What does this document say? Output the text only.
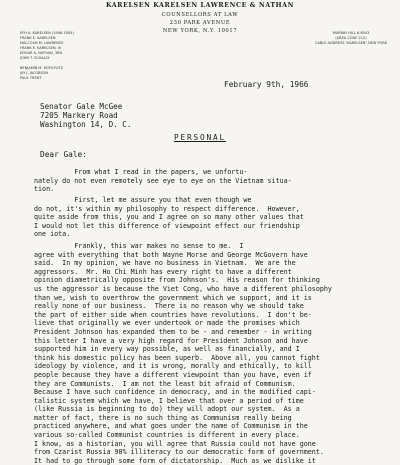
KARELSEN KARELSEN LAWRENCE & NATHAN
COUNSELLORS AT LAW
230 PARK AVENUE
NEW YORK, N.Y. 10017
EFH A. KARELSEN (1906-1955)
FRANK E. KARELSEN
MALCOLM M. LAWRENCE
FRANK E. KARELSEN, III
EDGAR A. NATHAN, 3RD
JOHN T. SCHALLY

BENJAMIN M. KOPLOVITZ
JAY J. JACOBSON
PAUL TRENT
MURRAY HILL 6-6543
(AREA CODE 212)
CABLE ADDRESS "KARELSEN" NEW YORK
February 9th, 1966
Senator Gale McGee
7205 Markery Road
Washington 14, D. C.
PERSONAL
Dear Gale:
From what I read in the papers, we unfortu-
nately do not even remotely see eye to eye on the Vietnam situa-
tion.
First, let me assure you that even though we
do not, it's within my philosophy to respect difference.  However,
quite aside from this, you and I agree on so many other values that
I would not let this difference of viewpoint effect our friendship
one iota.
Frankly, this war makes no sense to me.  I
agree with everything that both Wayne Morse and George McGovern have
said.  In my opinion, we have no business in Vietnam.  We are the
aggressors.  Mr. Ho Chi Minh has every right to have a different
opinion diametrically opposite from Johnson's.  His reason for thinking
us the aggressor is because the Viet Cong, who have a different philosophy
than we, wish to overthrow the government which we support, and it is
really none of our business.  There is no reason why we should take
the part of either side when countries have revolutions.  I don't be-
lieve that originally we ever undertook or made the promises which
President Johnson has expanded them to be - and remember - in writing
this letter I have a very high regard for President Johnson and have
supported him in every way possible, as well as financially, and I
think his domestic policy has been superb.  Above all, you cannot fight
ideology by violence, and it is wrong, morally and ethically, to kill
people because they have a different viewpoint than you have, even if
they are Communists.  I am not the least bit afraid of Communism.
Because I have such confidence in democracy, and in the modified capi-
talistic system which we have, I believe that over a period of time
(like Russia is beginning to do) they will adopt our system.  As a
matter of fact, there is no such thing as Communism really being
practiced anywhere, and what goes under the name of Communism in the
various so-called Communist countries is different in every place.
I know, as a historian, you will agree that Russia could not have gone
from Czarist Russia 98% illiteracy to our democratic form of government.
It had to go through some form of dictatorship.  Much as we dislike it
